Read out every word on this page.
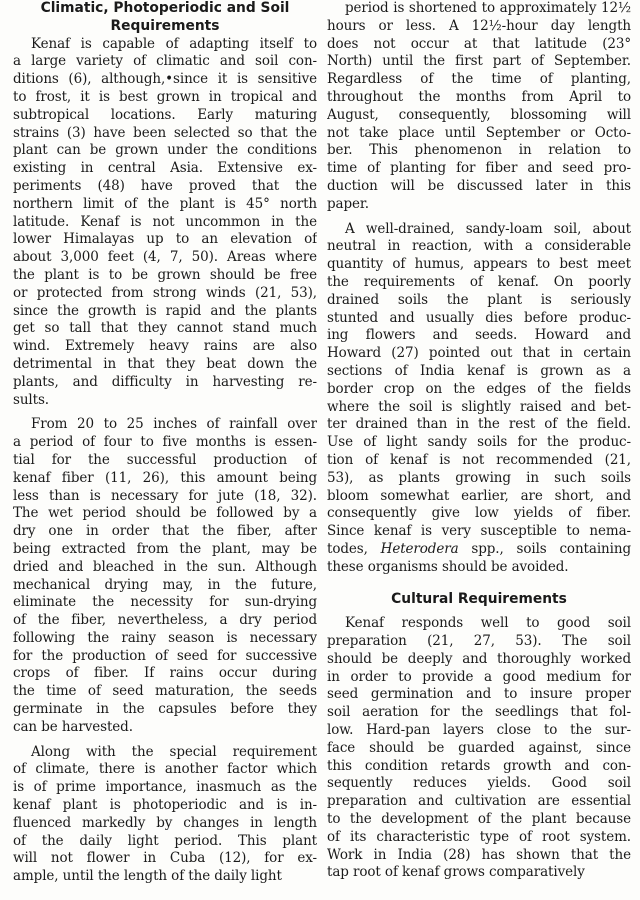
Climatic, Photoperiodic and Soil
Requirements
Kenaf is capable of adapting itself to
a large variety of climatic and soil con-
ditions (6), although,•since it is sensitive
to frost, it is best grown in tropical and
subtropical locations. Early maturing
strains (3) have been selected so that the
plant can be grown under the conditions
existing in central Asia. Extensive ex-
periments (48) have proved that the
northern limit of the plant is 45° north
latitude. Kenaf is not uncommon in the
lower Himalayas up to an elevation of
about 3,000 feet (4, 7, 50). Areas where
the plant is to be grown should be free
or protected from strong winds (21, 53),
since the growth is rapid and the plants
get so tall that they cannot stand much
wind. Extremely heavy rains are also
detrimental in that they beat down the
plants, and difficulty in harvesting re-
sults.
From 20 to 25 inches of rainfall over
a period of four to five months is essen-
tial for the successful production of
kenaf fiber (11, 26), this amount being
less than is necessary for jute (18, 32).
The wet period should be followed by a
dry one in order that the fiber, after
being extracted from the plant, may be
dried and bleached in the sun. Although
mechanical drying may, in the future,
eliminate the necessity for sun-drying
of the fiber, nevertheless, a dry period
following the rainy season is necessary
for the production of seed for successive
crops of fiber. If rains occur during
the time of seed maturation, the seeds
germinate in the capsules before they
can be harvested.
Along with the special requirement
of climate, there is another factor which
is of prime importance, inasmuch as the
kenaf plant is photoperiodic and is in-
fluenced markedly by changes in length
of the daily light period. This plant
will not flower in Cuba (12), for ex-
ample, until the length of the daily light
period is shortened to approximately 12½
hours or less. A 12½-hour day length
does not occur at that latitude (23°
North) until the first part of September.
Regardless of the time of planting,
throughout the months from April to
August, consequently, blossoming will
not take place until September or Octo-
ber. This phenomenon in relation to
time of planting for fiber and seed pro-
duction will be discussed later in this
paper.
A well-drained, sandy-loam soil, about
neutral in reaction, with a considerable
quantity of humus, appears to best meet
the requirements of kenaf. On poorly
drained soils the plant is seriously
stunted and usually dies before produc-
ing flowers and seeds. Howard and
Howard (27) pointed out that in certain
sections of India kenaf is grown as a
border crop on the edges of the fields
where the soil is slightly raised and bet-
ter drained than in the rest of the field.
Use of light sandy soils for the produc-
tion of kenaf is not recommended (21,
53), as plants growing in such soils
bloom somewhat earlier, are short, and
consequently give low yields of fiber.
Since kenaf is very susceptible to nema-
todes, Heterodera spp., soils containing
these organisms should be avoided.
Cultural Requirements
Kenaf responds well to good soil
preparation (21, 27, 53). The soil
should be deeply and thoroughly worked
in order to provide a good medium for
seed germination and to insure proper
soil aeration for the seedlings that fol-
low. Hard-pan layers close to the sur-
face should be guarded against, since
this condition retards growth and con-
sequently reduces yields. Good soil
preparation and cultivation are essential
to the development of the plant because
of its characteristic type of root system.
Work in India (28) has shown that the
tap root of kenaf grows comparatively
